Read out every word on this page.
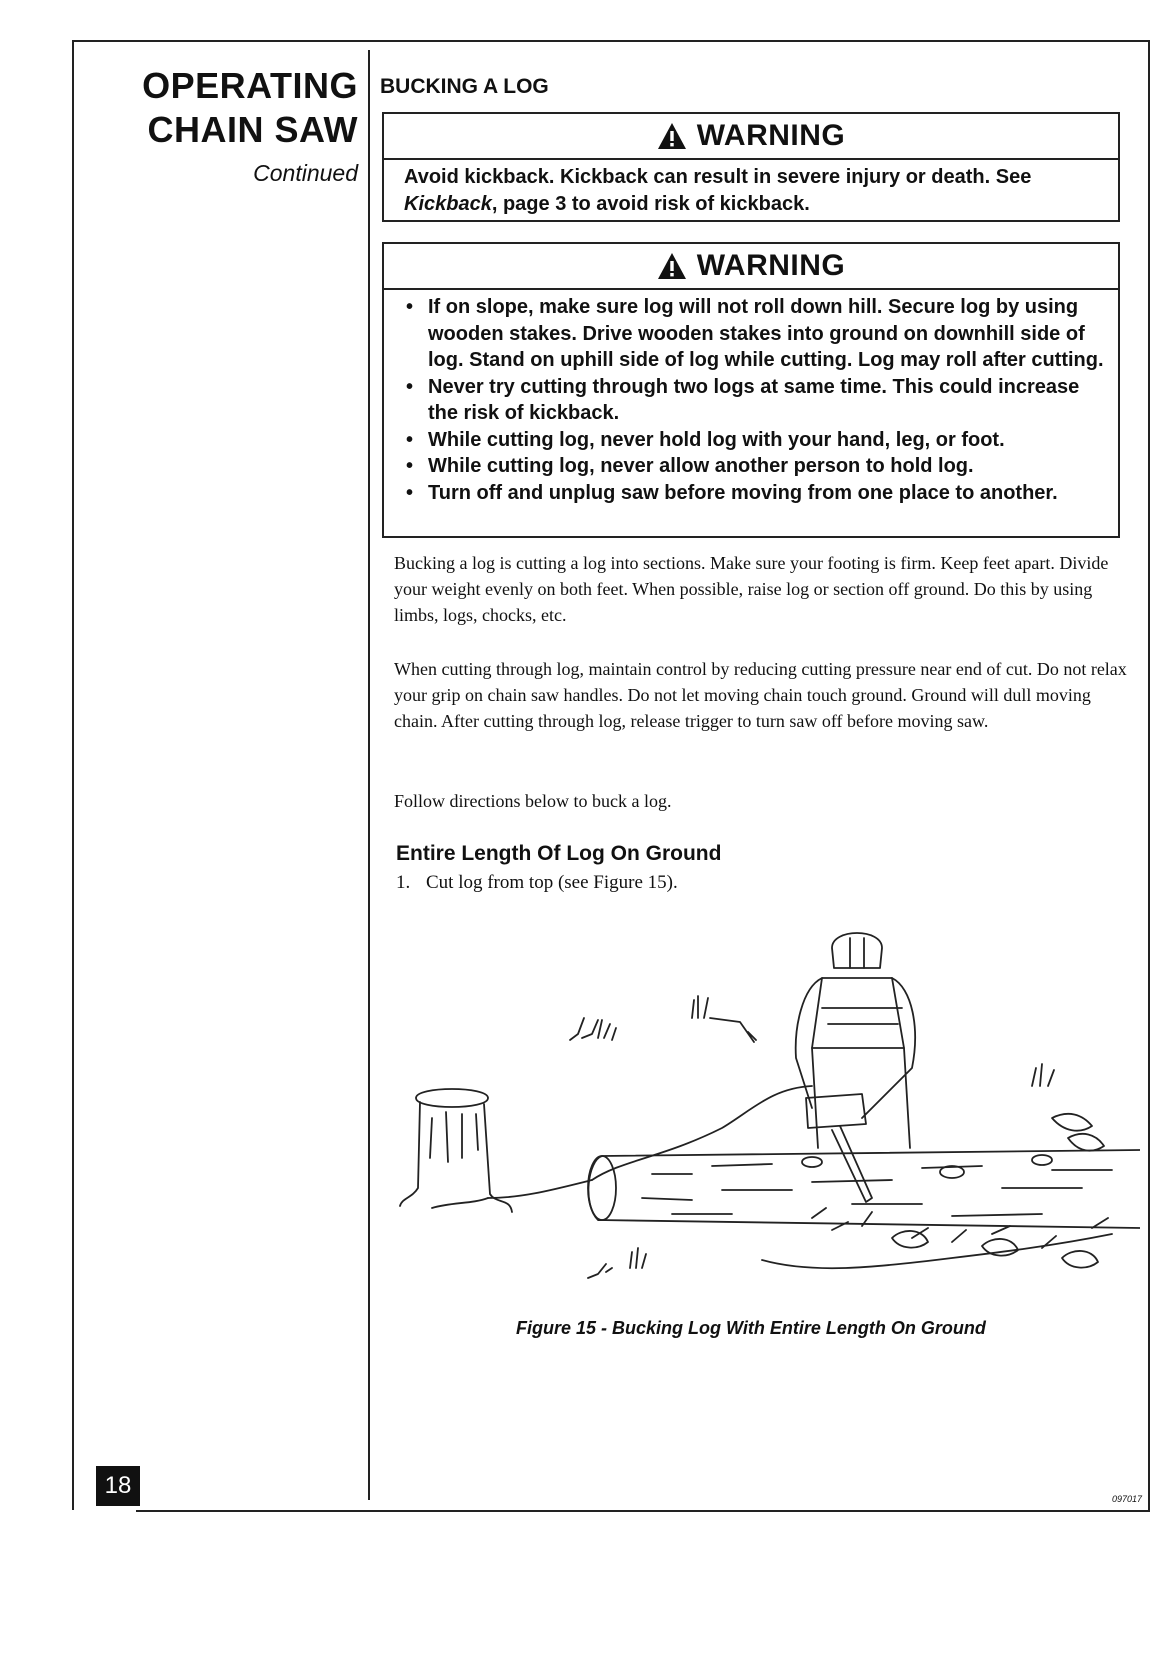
OPERATING
CHAIN SAW
Continued
BUCKING A LOG
WARNING
Avoid kickback. Kickback can result in severe injury or death. See Kickback, page 3 to avoid risk of kickback.
WARNING
• If on slope, make sure log will not roll down hill. Secure log by using wooden stakes. Drive wooden stakes into ground on downhill side of log. Stand on uphill side of log while cutting. Log may roll after cutting.
• Never try cutting through two logs at same time. This could increase the risk of kickback.
• While cutting log, never hold log with your hand, leg, or foot.
• While cutting log, never allow another person to hold log.
• Turn off and unplug saw before moving from one place to another.
Bucking a log is cutting a log into sections. Make sure your footing is firm. Keep feet apart. Divide your weight evenly on both feet. When possible, raise log or section off ground. Do this by using limbs, logs, chocks, etc.
When cutting through log, maintain control by reducing cutting pressure near end of cut. Do not relax your grip on chain saw handles. Do not let moving chain touch ground. Ground will dull moving chain. After cutting through log, release trigger to turn saw off before moving saw.
Follow directions below to buck a log.
Entire Length Of Log On Ground
1. Cut log from top (see Figure 15).
Figure 15 - Bucking Log With Entire Length On Ground
18	097017
